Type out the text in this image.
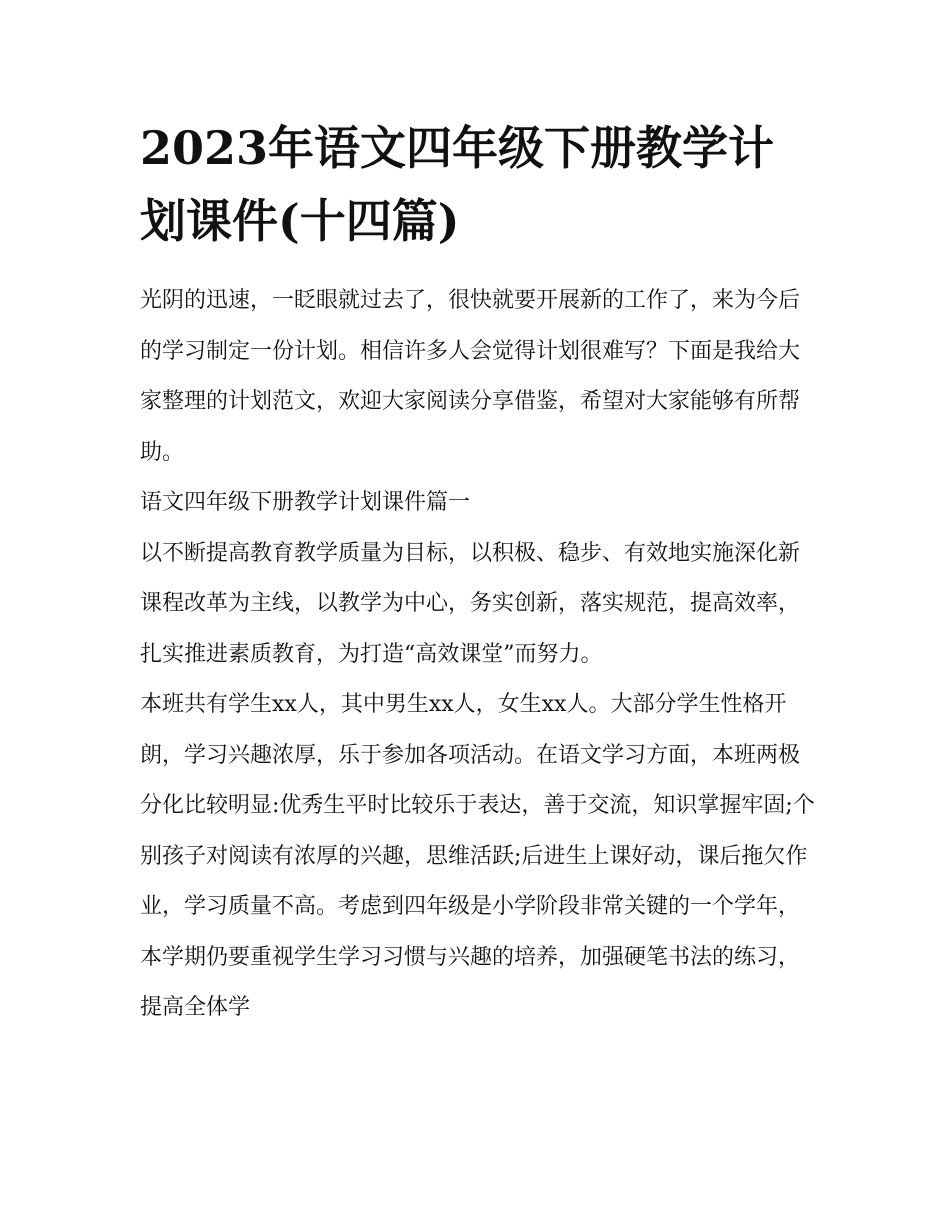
2023年语文四年级下册教学计划课件(十四篇)

光阴的迅速，一眨眼就过去了，很快就要开展新的工作了，来为今后的学习制定一份计划。相信许多人会觉得计划很难写？下面是我给大家整理的计划范文，欢迎大家阅读分享借鉴，希望对大家能够有所帮助。

语文四年级下册教学计划课件篇一

以不断提高教育教学质量为目标，以积极、稳步、有效地实施深化新课程改革为主线，以教学为中心，务实创新，落实规范，提高效率，扎实推进素质教育，为打造“高效课堂”而努力。

本班共有学生xx人，其中男生xx人，女生xx人。大部分学生性格开朗，学习兴趣浓厚，乐于参加各项活动。在语文学习方面，本班两极分化比较明显:优秀生平时比较乐于表达，善于交流，知识掌握牢固;个别孩子对阅读有浓厚的兴趣，思维活跃;后进生上课好动，课后拖欠作业，学习质量不高。考虑到四年级是小学阶段非常关键的一个学年，本学期仍要重视学生学习习惯与兴趣的培养，加强硬笔书法的练习，提高全体学
